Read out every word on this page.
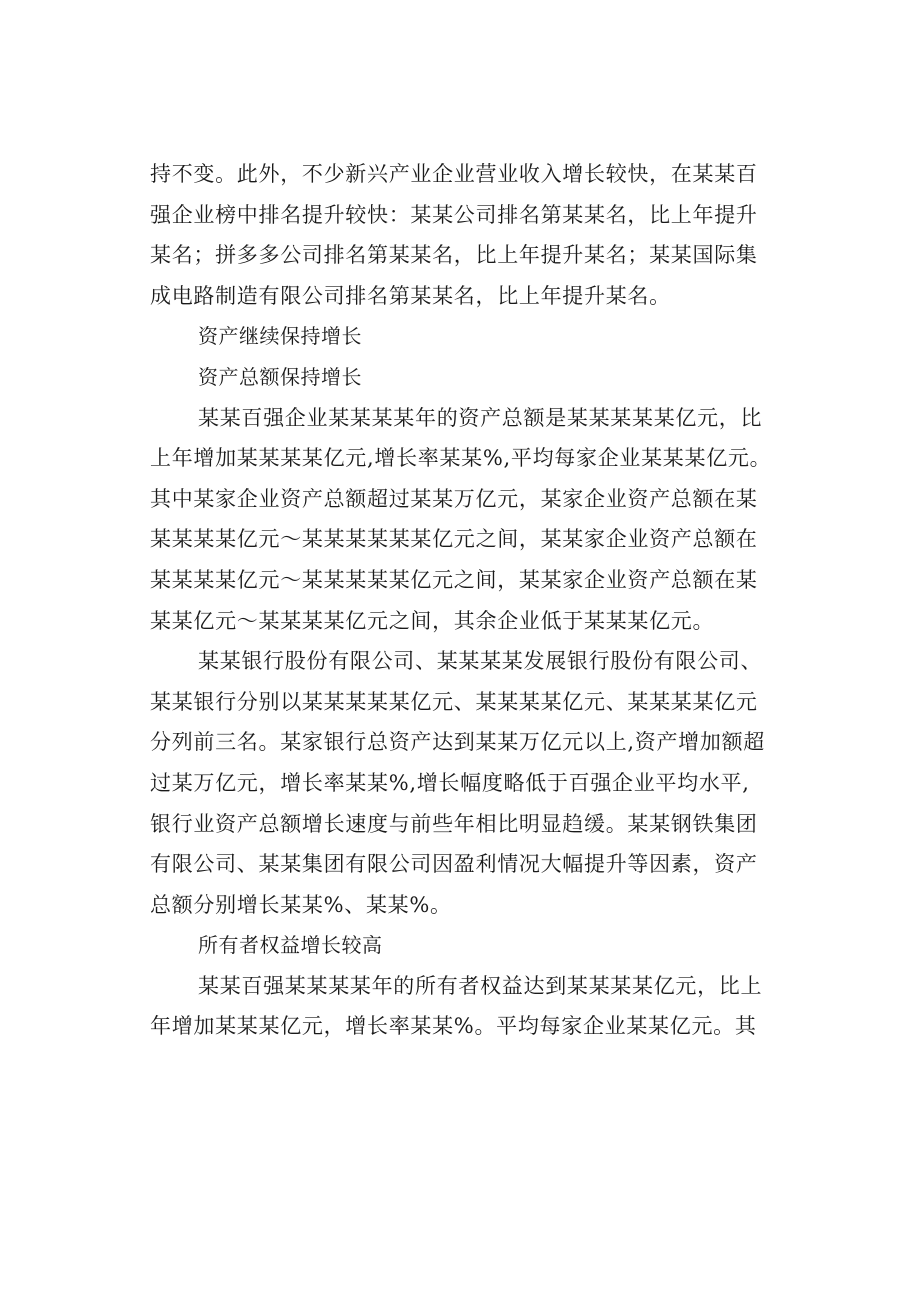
持不变。此外，不少新兴产业企业营业收入增长较快，在某某百
强企业榜中排名提升较快：某某公司排名第某某名，比上年提升
某名；拼多多公司排名第某某名，比上年提升某名；某某国际集
成电路制造有限公司排名第某某名，比上年提升某名。
资产继续保持增长
资产总额保持增长
某某百强企业某某某某年的资产总额是某某某某某亿元，比
上年增加某某某某亿元,增长率某某%,平均每家企业某某某亿元。
其中某家企业资产总额超过某某万亿元，某家企业资产总额在某
某某某某亿元～某某某某某某亿元之间，某某家企业资产总额在
某某某某亿元～某某某某某亿元之间，某某家企业资产总额在某
某某亿元～某某某某亿元之间，其余企业低于某某某亿元。
某某银行股份有限公司、某某某某发展银行股份有限公司、
某某银行分别以某某某某某亿元、某某某某亿元、某某某某亿元
分列前三名。某家银行总资产达到某某万亿元以上,资产增加额超
过某万亿元，增长率某某%,增长幅度略低于百强企业平均水平,
银行业资产总额增长速度与前些年相比明显趋缓。某某钢铁集团
有限公司、某某集团有限公司因盈利情况大幅提升等因素，资产
总额分别增长某某%、某某%。
所有者权益增长较高
某某百强某某某某年的所有者权益达到某某某某亿元，比上
年增加某某某亿元，增长率某某%。平均每家企业某某亿元。其
